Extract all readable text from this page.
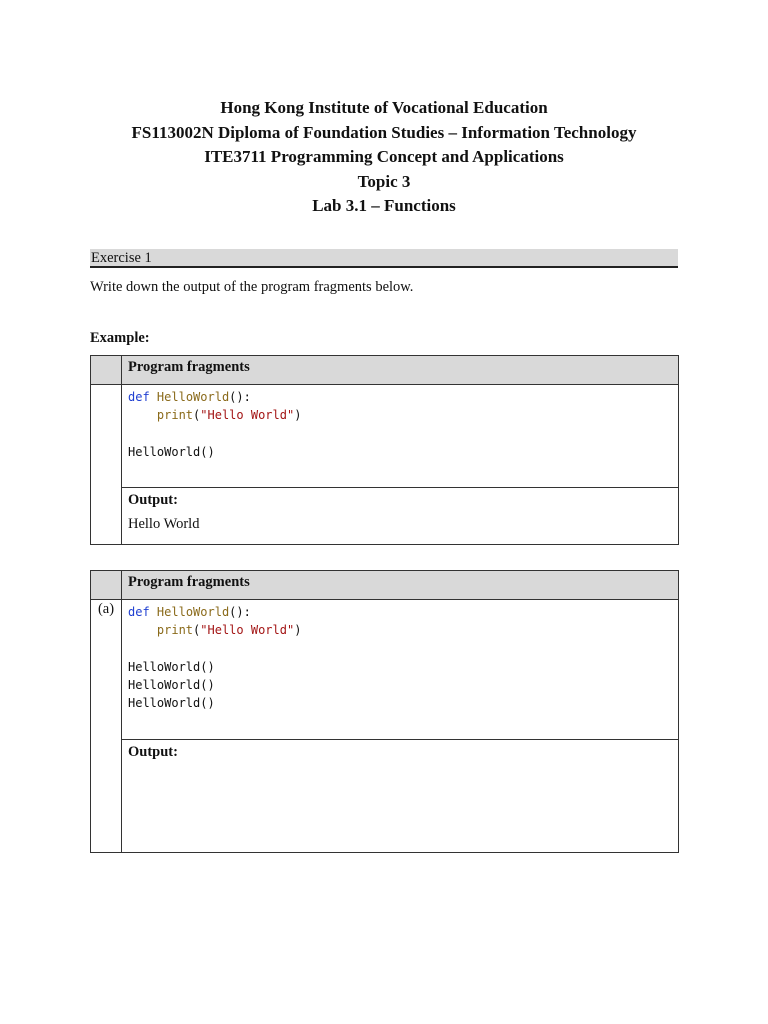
Hong Kong Institute of Vocational Education
FS113002N Diploma of Foundation Studies – Information Technology
ITE3711 Programming Concept and Applications
Topic 3
Lab 3.1 – Functions
Exercise 1
Write down the output of the program fragments below.
Example:
	Program fragments
	def HelloWorld():
print("Hello World")

HelloWorld()

	Output:
Hello World
	Program fragments
(a)	def HelloWorld():
print("Hello World")

HelloWorld()
HelloWorld()
HelloWorld()

	Output:
